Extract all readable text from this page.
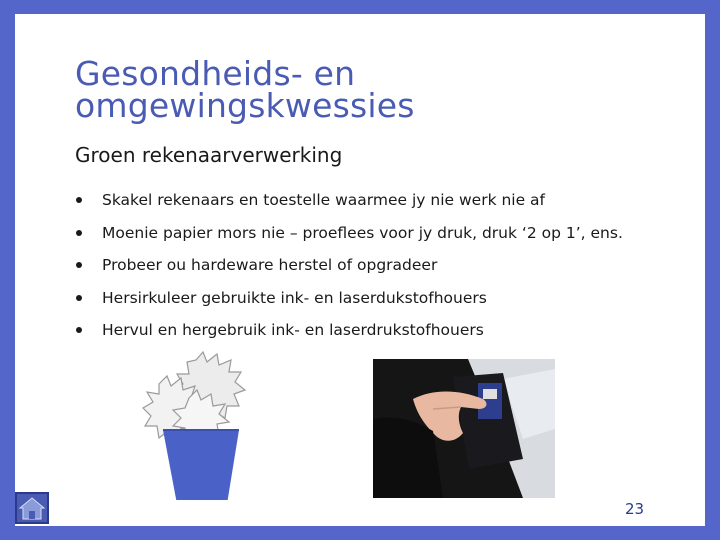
Gesondheids- en omgewingskwessies
Groen rekenaarverwerking
Skakel rekenaars en toestelle waarmee jy nie werk nie af
Moenie papier mors nie – proeflees voor jy druk, druk ‘2 op 1’, ens.
Probeer ou hardeware herstel of opgradeer
Hersirkuleer gebruikte ink- en laserdukstofhouers
Hervul en hergebruik ink- en laserdrukstofhouers
23
